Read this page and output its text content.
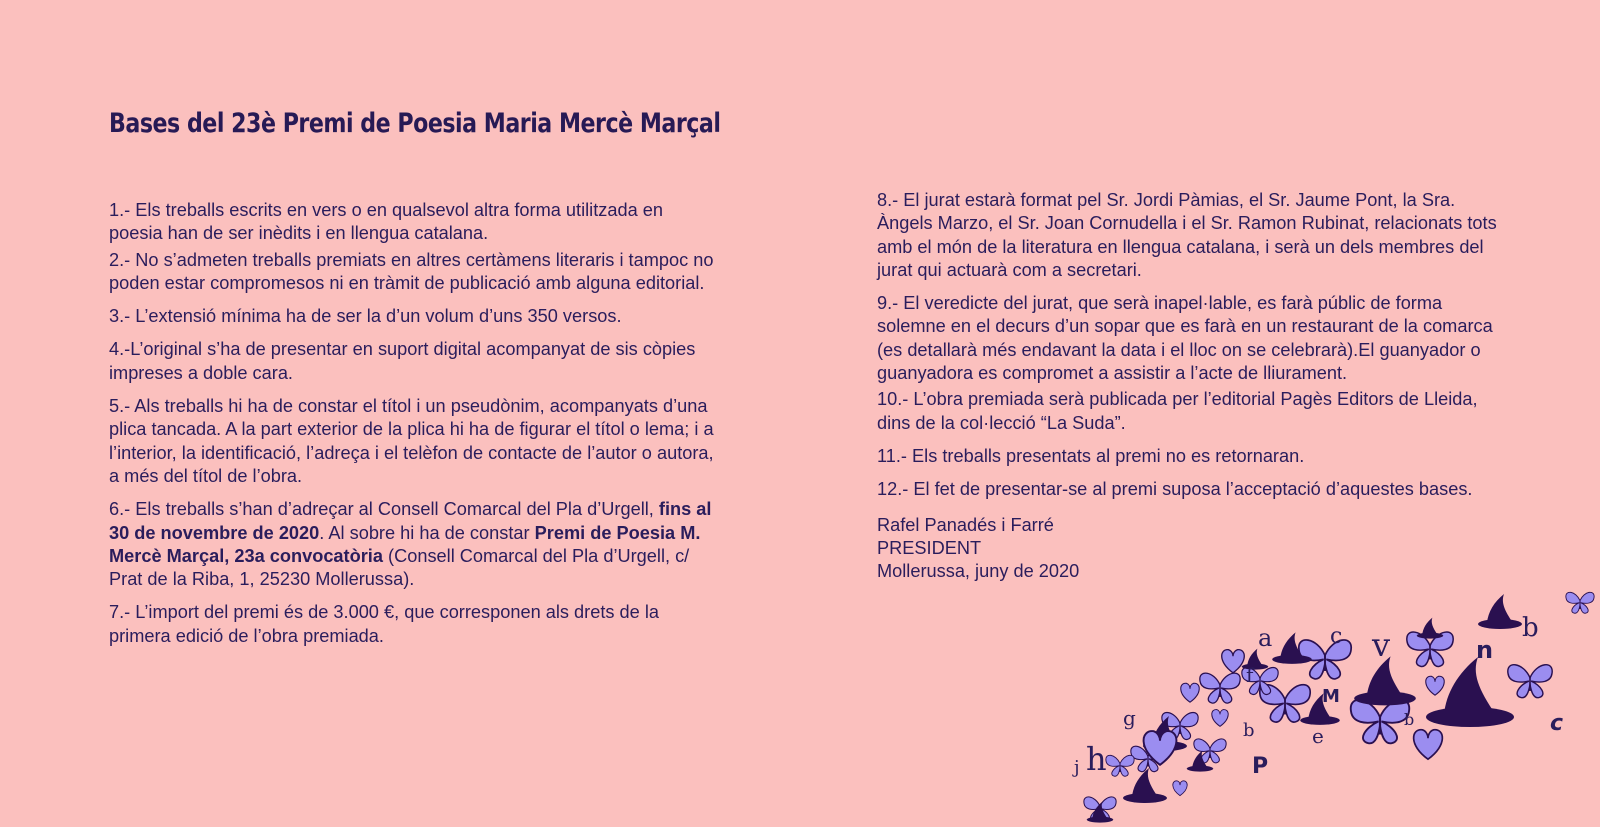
Bases del 23è Premi de Poesia Maria Mercè Marçal

1.- Els treballs escrits en vers o en qualsevol altra forma utilitzada en poesia han de ser inèdits i en llengua catalana.

2.- No s’admeten treballs premiats en altres certàmens literaris i tampoc no poden estar compromesos ni en tràmit de publicació amb alguna editorial.

3.- L’extensió mínima ha de ser la d’un volum d’uns 350 versos.

4.-L’original s’ha de presentar en suport digital acompanyat de sis còpies impreses a doble cara.

5.- Als treballs hi ha de constar el títol i un pseudònim, acompanyats d’una plica tancada. A la part exterior de la plica hi ha de figurar el títol o lema; i a l’interior, la identificació, l’adreça i el telèfon de contacte de l’autor o autora, a més del títol de l’obra.

6.- Els treballs s’han d’adreçar al Consell Comarcal del Pla d’Urgell, fins al 30 de novembre de 2020. Al sobre hi ha de constar Premi de Poesia M. Mercè Marçal, 23a convocatòria (Consell Comarcal del Pla d’Urgell, c/ Prat de la Riba, 1, 25230 Mollerussa).

7.- L’import del premi és de 3.000 €, que corresponen als drets de la primera edició de l’obra premiada.

8.- El jurat estarà format pel Sr. Jordi Pàmias, el Sr. Jaume Pont, la Sra. Àngels Marzo, el Sr. Joan Cornudella i el Sr. Ramon Rubinat, relacionats tots amb el món de la literatura en llengua catalana, i serà un dels membres del jurat qui actuarà com a secretari.

9.- El veredicte del jurat, que serà inapel·lable, es farà públic de forma solemne en el decurs d’un sopar que es farà en un restaurant de la comarca (es detallarà més endavant la data i el lloc on se celebrarà).El guanyador o guanyadora es compromet a assistir a l’acte de lliurament.

10.- L’obra premiada serà publicada per l’editorial Pagès Editors de Lleida, dins de la col·lecció “La Suda”.

11.- Els treballs presentats al premi no es retornaran.

12.- El fet de presentar-se al premi suposa l’acceptació d’aquestes bases.

Rafel Panadés i Farré
PRESIDENT
Mollerussa, juny de 2020
a	c v	b
n
f
M
g
b	e
b	c
j h	P
